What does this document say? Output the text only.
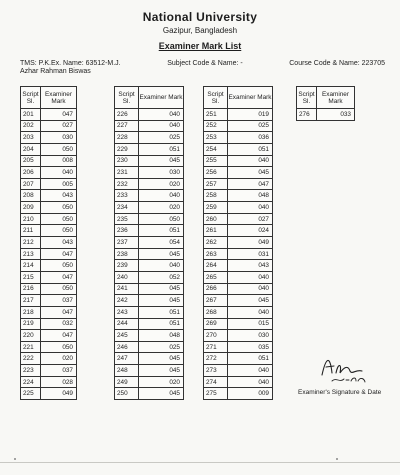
National University
Gazipur, Bangladesh
Examiner Mark List
TMS: P.K.Ex. Name: 63512-M.J.	Subject Code & Name: -	Course Code & Name: 223705
Azhar Rahman Biswas
Script Sl.	Examiner Mark
201	047
202	027
203	030
204	050
205	008
206	040
207	005
208	043
209	050
210	050
211	050
212	043
213	047
214	050
215	047
216	050
217	037
218	047
219	032
220	047
221	050
222	020
223	037
224	028
225	049
Script Sl.	Examiner Mark
226	040
227	040
228	025
229	051
230	045
231	030
232	020
233	040
234	020
235	050
236	051
237	054
238	045
239	040
240	052
241	045
242	045
243	051
244	051
245	048
246	025
247	045
248	045
249	020
250	045
Script Sl.	Examiner Mark
251	019
252	025
253	036
254	051
255	040
256	045
257	047
258	048
259	040
260	027
261	024
262	049
263	031
264	043
265	040
266	040
267	045
268	040
269	015
270	030
271	035
272	051
273	040
274	040
275	009
Script Sl.	Examiner Mark
276	033
Examiner's Signature & Date
